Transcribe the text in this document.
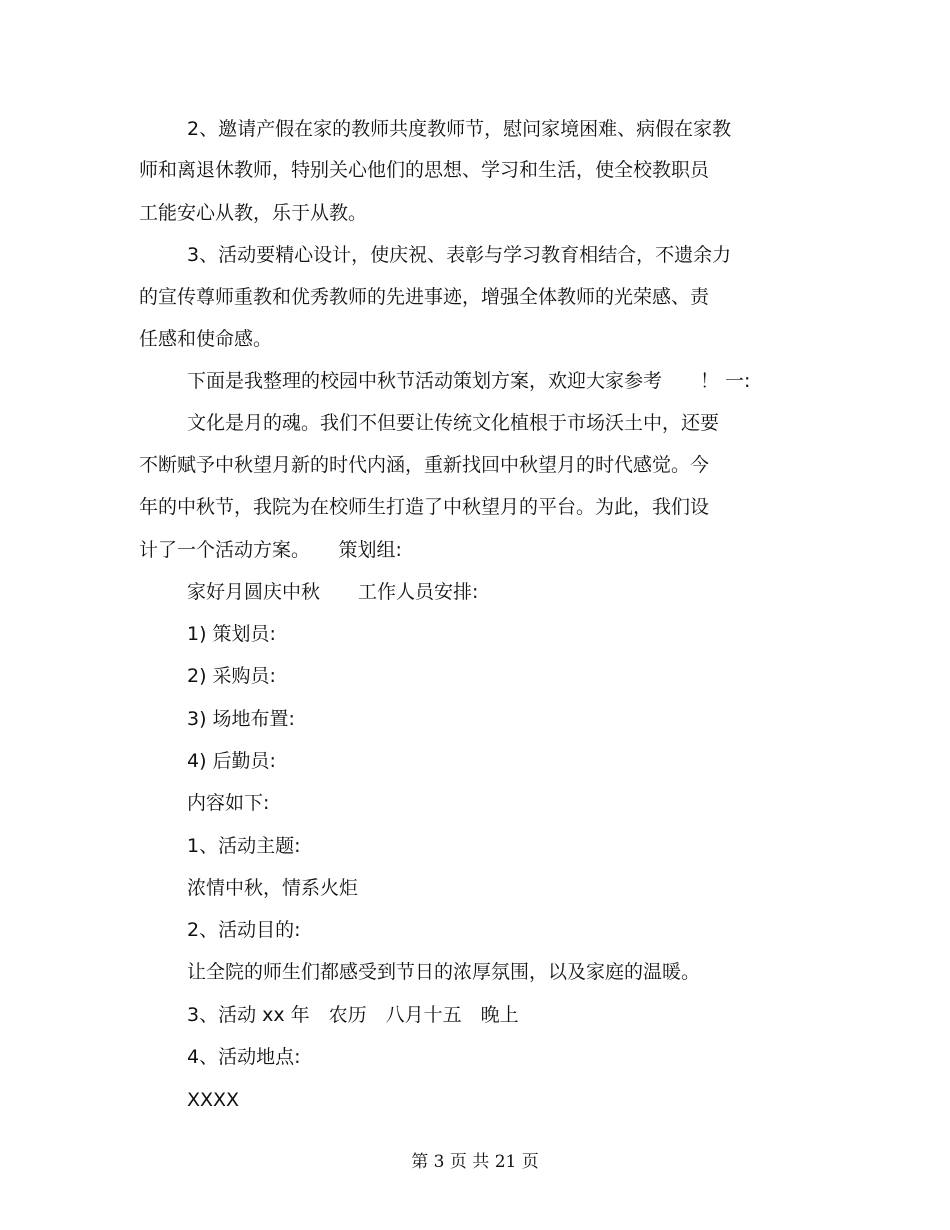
2、邀请产假在家的教师共度教师节，慰问家境困难、病假在家教
师和离退休教师，特别关心他们的思想、学习和生活，使全校教职员
工能安心从教，乐于从教。
3、活动要精心设计，使庆祝、表彰与学习教育相结合，不遗余力
的宣传尊师重教和优秀教师的先进事迹，增强全体教师的光荣感、责
任感和使命感。
下面是我整理的校园中秋节活动策划方案，欢迎大家参考　　！ 一:
文化是月的魂。我们不但要让传统文化植根于市场沃土中，还要
不断赋予中秋望月新的时代内涵，重新找回中秋望月的时代感觉。今
年的中秋节，我院为在校师生打造了中秋望月的平台。为此，我们设
计了一个活动方案。　　策划组:
家好月圆庆中秋　　工作人员安排:
1) 策划员:
2) 采购员:
3) 场地布置:
4) 后勤员:
内容如下:
1、活动主题:
浓情中秋，情系火炬
2、活动目的:
让全院的师生们都感受到节日的浓厚氛围，以及家庭的温暖。
3、活动 xx 年　农历　八月十五　晚上
4、活动地点:
XXXX
第 3 页 共 21 页
